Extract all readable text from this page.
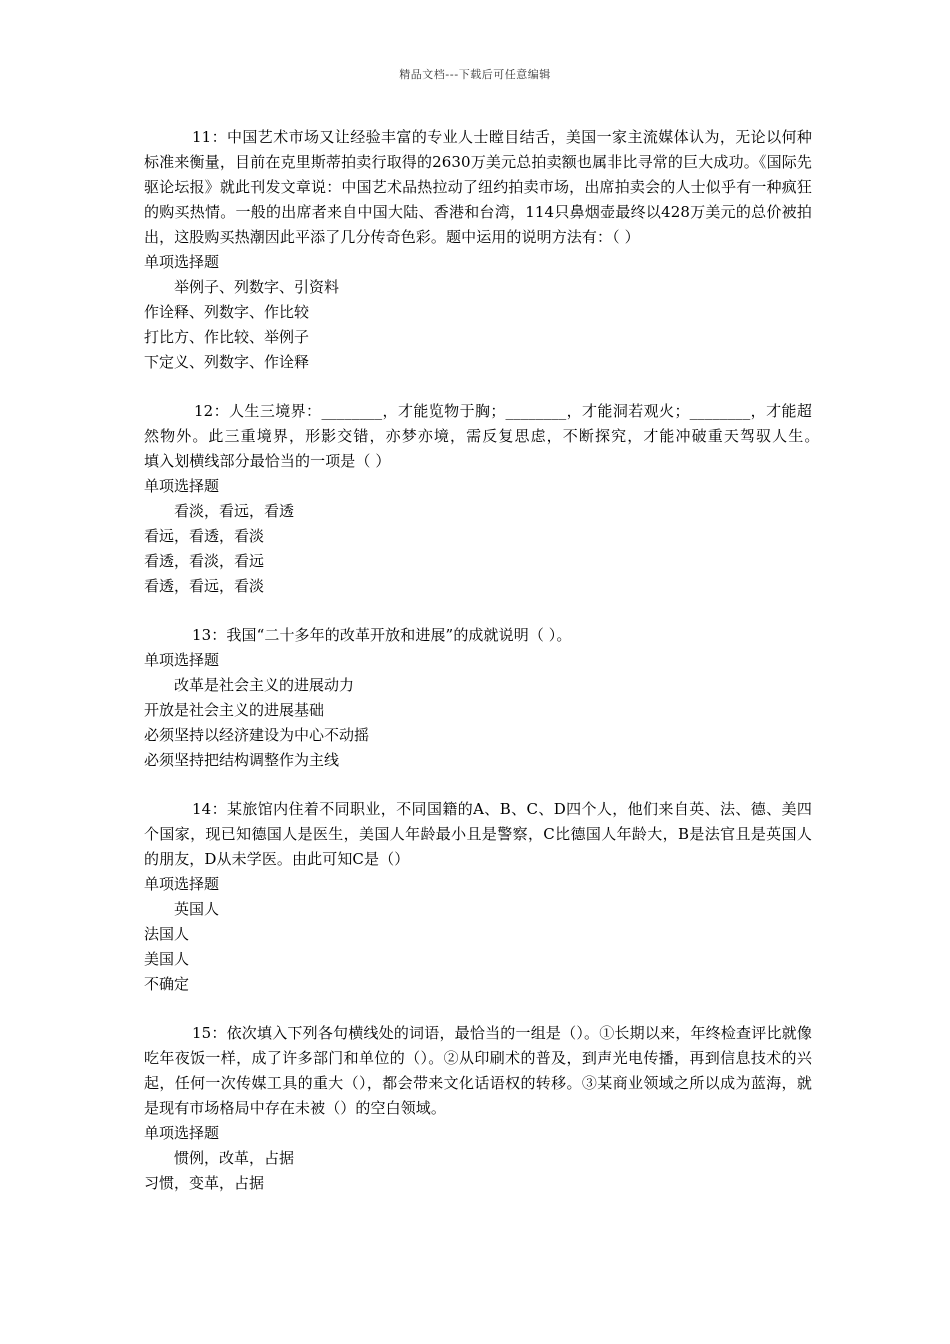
精品文档---下载后可任意编辑
11：中国艺术市场又让经验丰富的专业人士瞠目结舌，美国一家主流媒体认为，无论以何种标准来衡量，目前在克里斯蒂拍卖行取得的2630万美元总拍卖额也属非比寻常的巨大成功。《国际先驱论坛报》就此刊发文章说：中国艺术品热拉动了纽约拍卖市场，出席拍卖会的人士似乎有一种疯狂的购买热情。一般的出席者来自中国大陆、香港和台湾，114只鼻烟壶最终以428万美元的总价被拍出，这股购买热潮因此平添了几分传奇色彩。题中运用的说明方法有：（ ）
单项选择题
举例子、列数字、引资料
作诠释、列数字、作比较
打比方、作比较、举例子
下定义、列数字、作诠释
12：人生三境界：________，才能览物于胸；________，才能洞若观火；________，才能超然物外。此三重境界，形影交错，亦梦亦境，需反复思虑，不断探究，才能冲破重天驾驭人生。　　填入划横线部分最恰当的一项是（ ）
单项选择题
看淡，看远，看透
看远，看透，看淡
看透，看淡，看远
看透，看远，看淡
13：我国“二十多年的改革开放和进展”的成就说明（ ）。
单项选择题
改革是社会主义的进展动力
开放是社会主义的进展基础
必须坚持以经济建设为中心不动摇
必须坚持把结构调整作为主线
14：某旅馆内住着不同职业，不同国籍的A、B、C、D四个人，他们来自英、法、德、美四个国家，现已知德国人是医生，美国人年龄最小且是警察，C比德国人年龄大，B是法官且是英国人的朋友，D从未学医。由此可知C是（）
单项选择题
英国人
法国人
美国人
不确定
15：依次填入下列各句横线处的词语，最恰当的一组是（）。①长期以来，年终检查评比就像吃年夜饭一样，成了许多部门和单位的（）。②从印刷术的普及，到声光电传播，再到信息技术的兴起，任何一次传媒工具的重大（），都会带来文化话语权的转移。③某商业领域之所以成为蓝海，就是现有市场格局中存在未被（）的空白领域。
单项选择题
惯例，改革，占据
习惯，变革，占据
